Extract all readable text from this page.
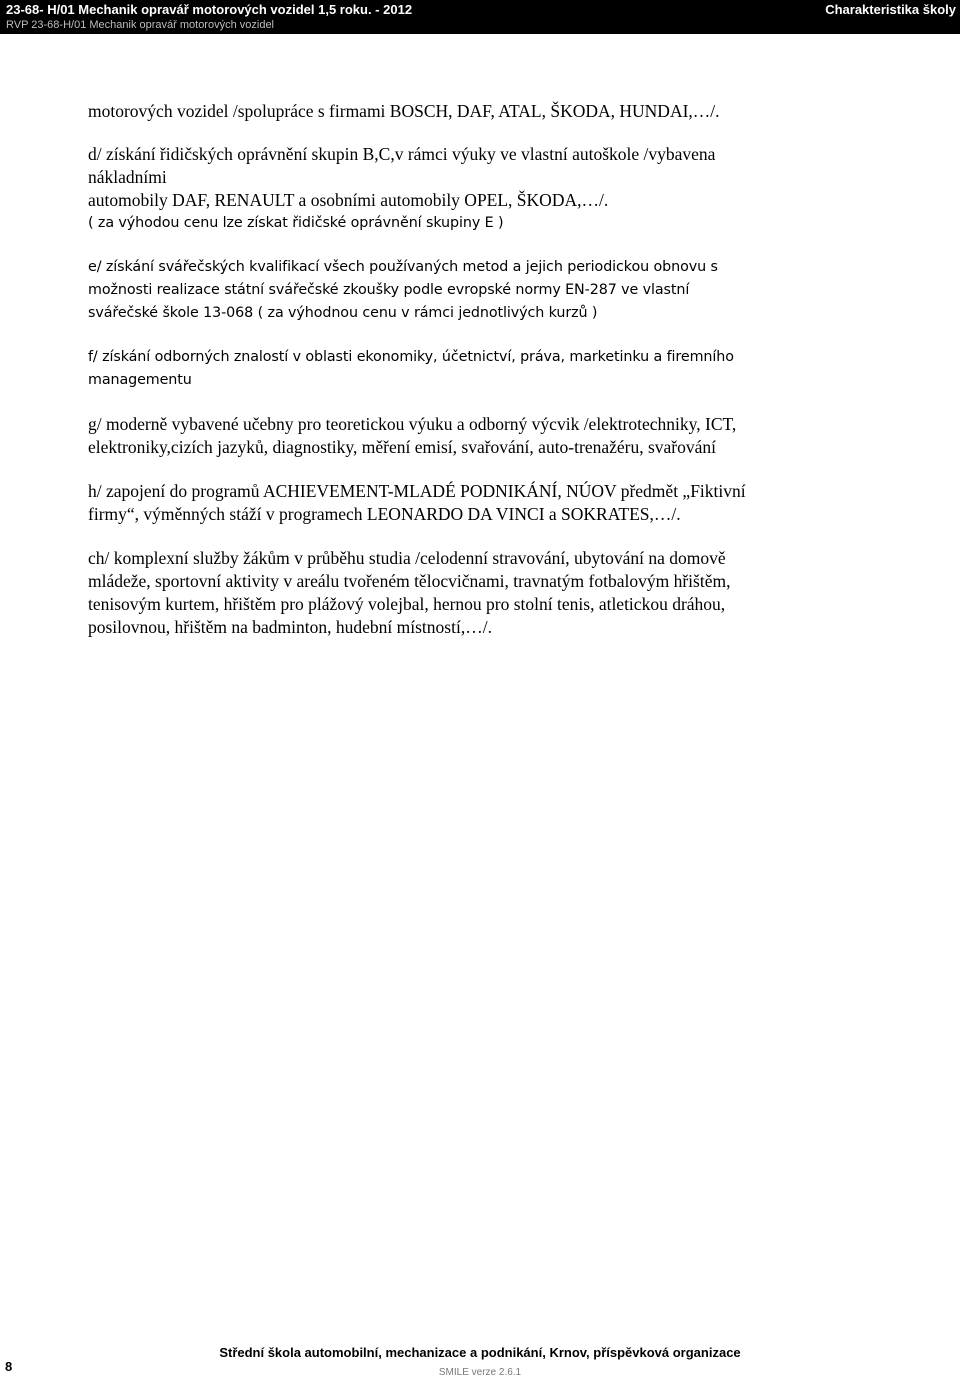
23-68- H/01 Mechanik opravář motorových vozidel 1,5 roku. - 2012
RVP 23-68-H/01 Mechanik opravář motorových vozidel
Charakteristika školy
motorových vozidel /spolupráce s firmami BOSCH, DAF, ATAL, ŠKODA, HUNDAI,…/.
d/ získání řidičských oprávnění skupin B,C,v rámci výuky ve vlastní autoškole /vybavena
nákladními
automobily DAF, RENAULT a osobními automobily OPEL, ŠKODA,…/.
( za výhodou cenu lze získat řidičské oprávnění skupiny E )
e/ získání svářečských kvalifikací všech používaných metod a jejich periodickou obnovu s
možnosti realizace státní svářečské zkoušky podle evropské normy EN-287 ve vlastní
svářečské škole 13-068 ( za výhodnou cenu v rámci jednotlivých kurzů )
f/ získání odborných znalostí v oblasti ekonomiky, účetnictví, práva, marketinku a firemního
managementu
g/ moderně vybavené učebny pro teoretickou výuku a odborný výcvik /elektrotechniky, ICT,
elektroniky,cizích jazyků, diagnostiky, měření emisí, svařování, auto-trenažéru, svařování
h/ zapojení do programů ACHIEVEMENT-MLADÉ PODNIKÁNÍ, NÚOV předmět „Fiktivní
firmy“, výměnných stáží v programech LEONARDO DA VINCI a SOKRATES,…/.
ch/ komplexní služby žákům v průběhu studia /celodenní stravování, ubytování na domově
mládeže, sportovní aktivity v areálu tvořeném tělocvičnami, travnatým fotbalovým hřištěm,
tenisovým kurtem, hřištěm pro plážový volejbal, hernou pro stolní tenis, atletickou dráhou,
posilovnou, hřištěm na badminton, hudební místností,…/.
8
Střední škola automobilní, mechanizace a podnikání, Krnov, příspěvková organizace
SMILE verze 2.6.1
